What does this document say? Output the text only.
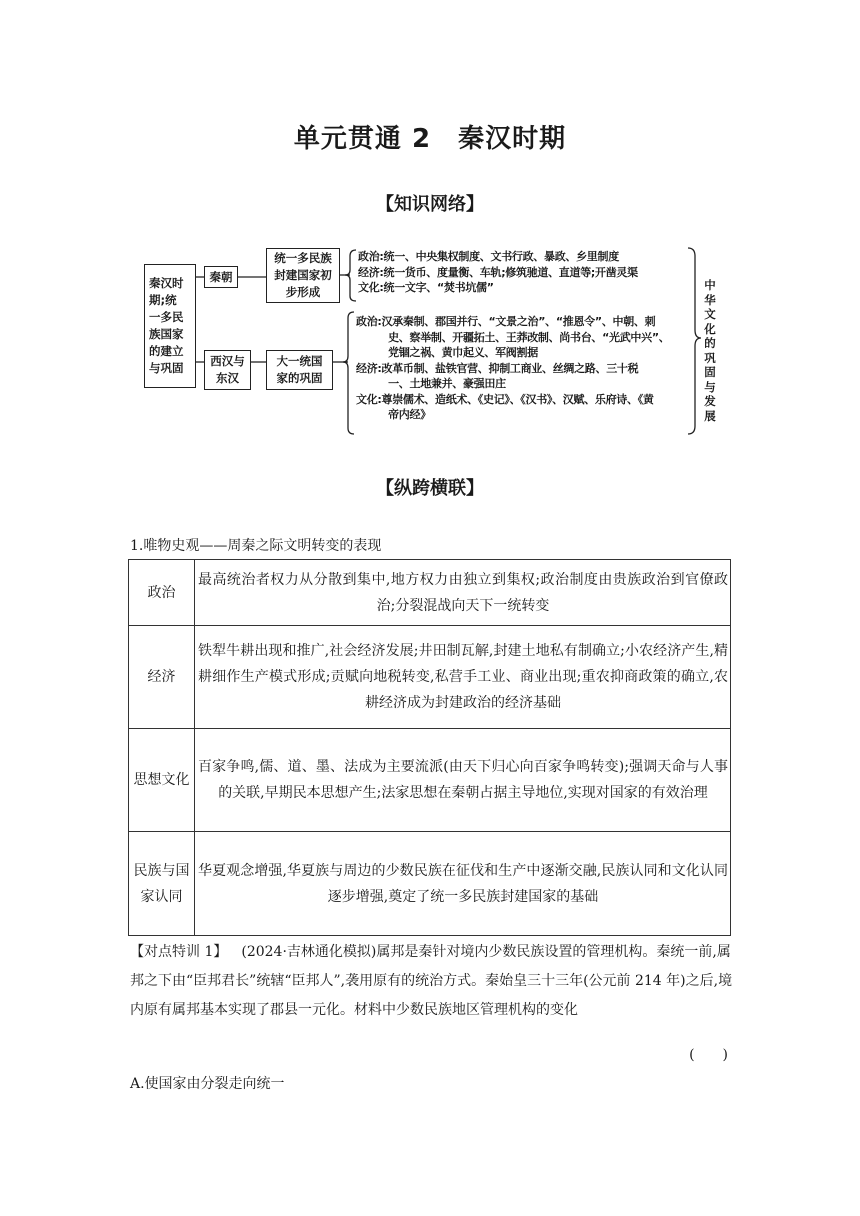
单元贯通 2　秦汉时期
【知识网络】
秦汉时
期;统
一多民
族国家
的建立
与巩固
秦朝
统一多民族
封建国家初
步形成
西汉与
东汉
大一统国
家的巩固
政治:统一、中央集权制度、文书行政、暴政、乡里制度
经济:统一货币、度量衡、车轨;修筑驰道、直道等;开凿灵渠
文化:统一文字、“焚书坑儒”
政治:汉承秦制、郡国并行、“文景之治”、“推恩令”、中朝、刺
　　　史、察举制、开疆拓土、王莽改制、尚书台、“光武中兴”、
　　　党锢之祸、黄巾起义、军阀割据
经济:改革币制、盐铁官营、抑制工商业、丝绸之路、三十税
　　　一、土地兼并、豪强田庄
文化:尊崇儒术、造纸术、《史记》、《汉书》、汉赋、乐府诗、《黄
　　　帝内经》
中华文化的巩固与发展
【纵跨横联】
1.唯物史观——周秦之际文明转变的表现
政治	最高统治者权力从分散到集中,地方权力由独立到集权;政治制度由贵族政治到官僚政治;分裂混战向天下一统转变
经济	铁犁牛耕出现和推广,社会经济发展;井田制瓦解,封建土地私有制确立;小农经济产生,精耕细作生产模式形成;贡赋向地税转变,私营手工业、商业出现;重农抑商政策的确立,农耕经济成为封建政治的经济基础
思想文化	百家争鸣,儒、道、墨、法成为主要流派(由天下归心向百家争鸣转变);强调天命与人事的关联,早期民本思想产生;法家思想在秦朝占据主导地位,实现对国家的有效治理
民族与国家认同	华夏观念增强,华夏族与周边的少数民族在征伐和生产中逐渐交融,民族认同和文化认同逐步增强,奠定了统一多民族封建国家的基础
【对点特训 1】 (2024·吉林通化模拟)属邦是秦针对境内少数民族设置的管理机构。秦统一前,属邦之下由“臣邦君长”统辖“臣邦人”,袭用原有的统治方式。秦始皇三十三年(公元前 214 年)之后,境内原有属邦基本实现了郡县一元化。材料中少数民族地区管理机构的变化
(　　)
A.使国家由分裂走向统一
